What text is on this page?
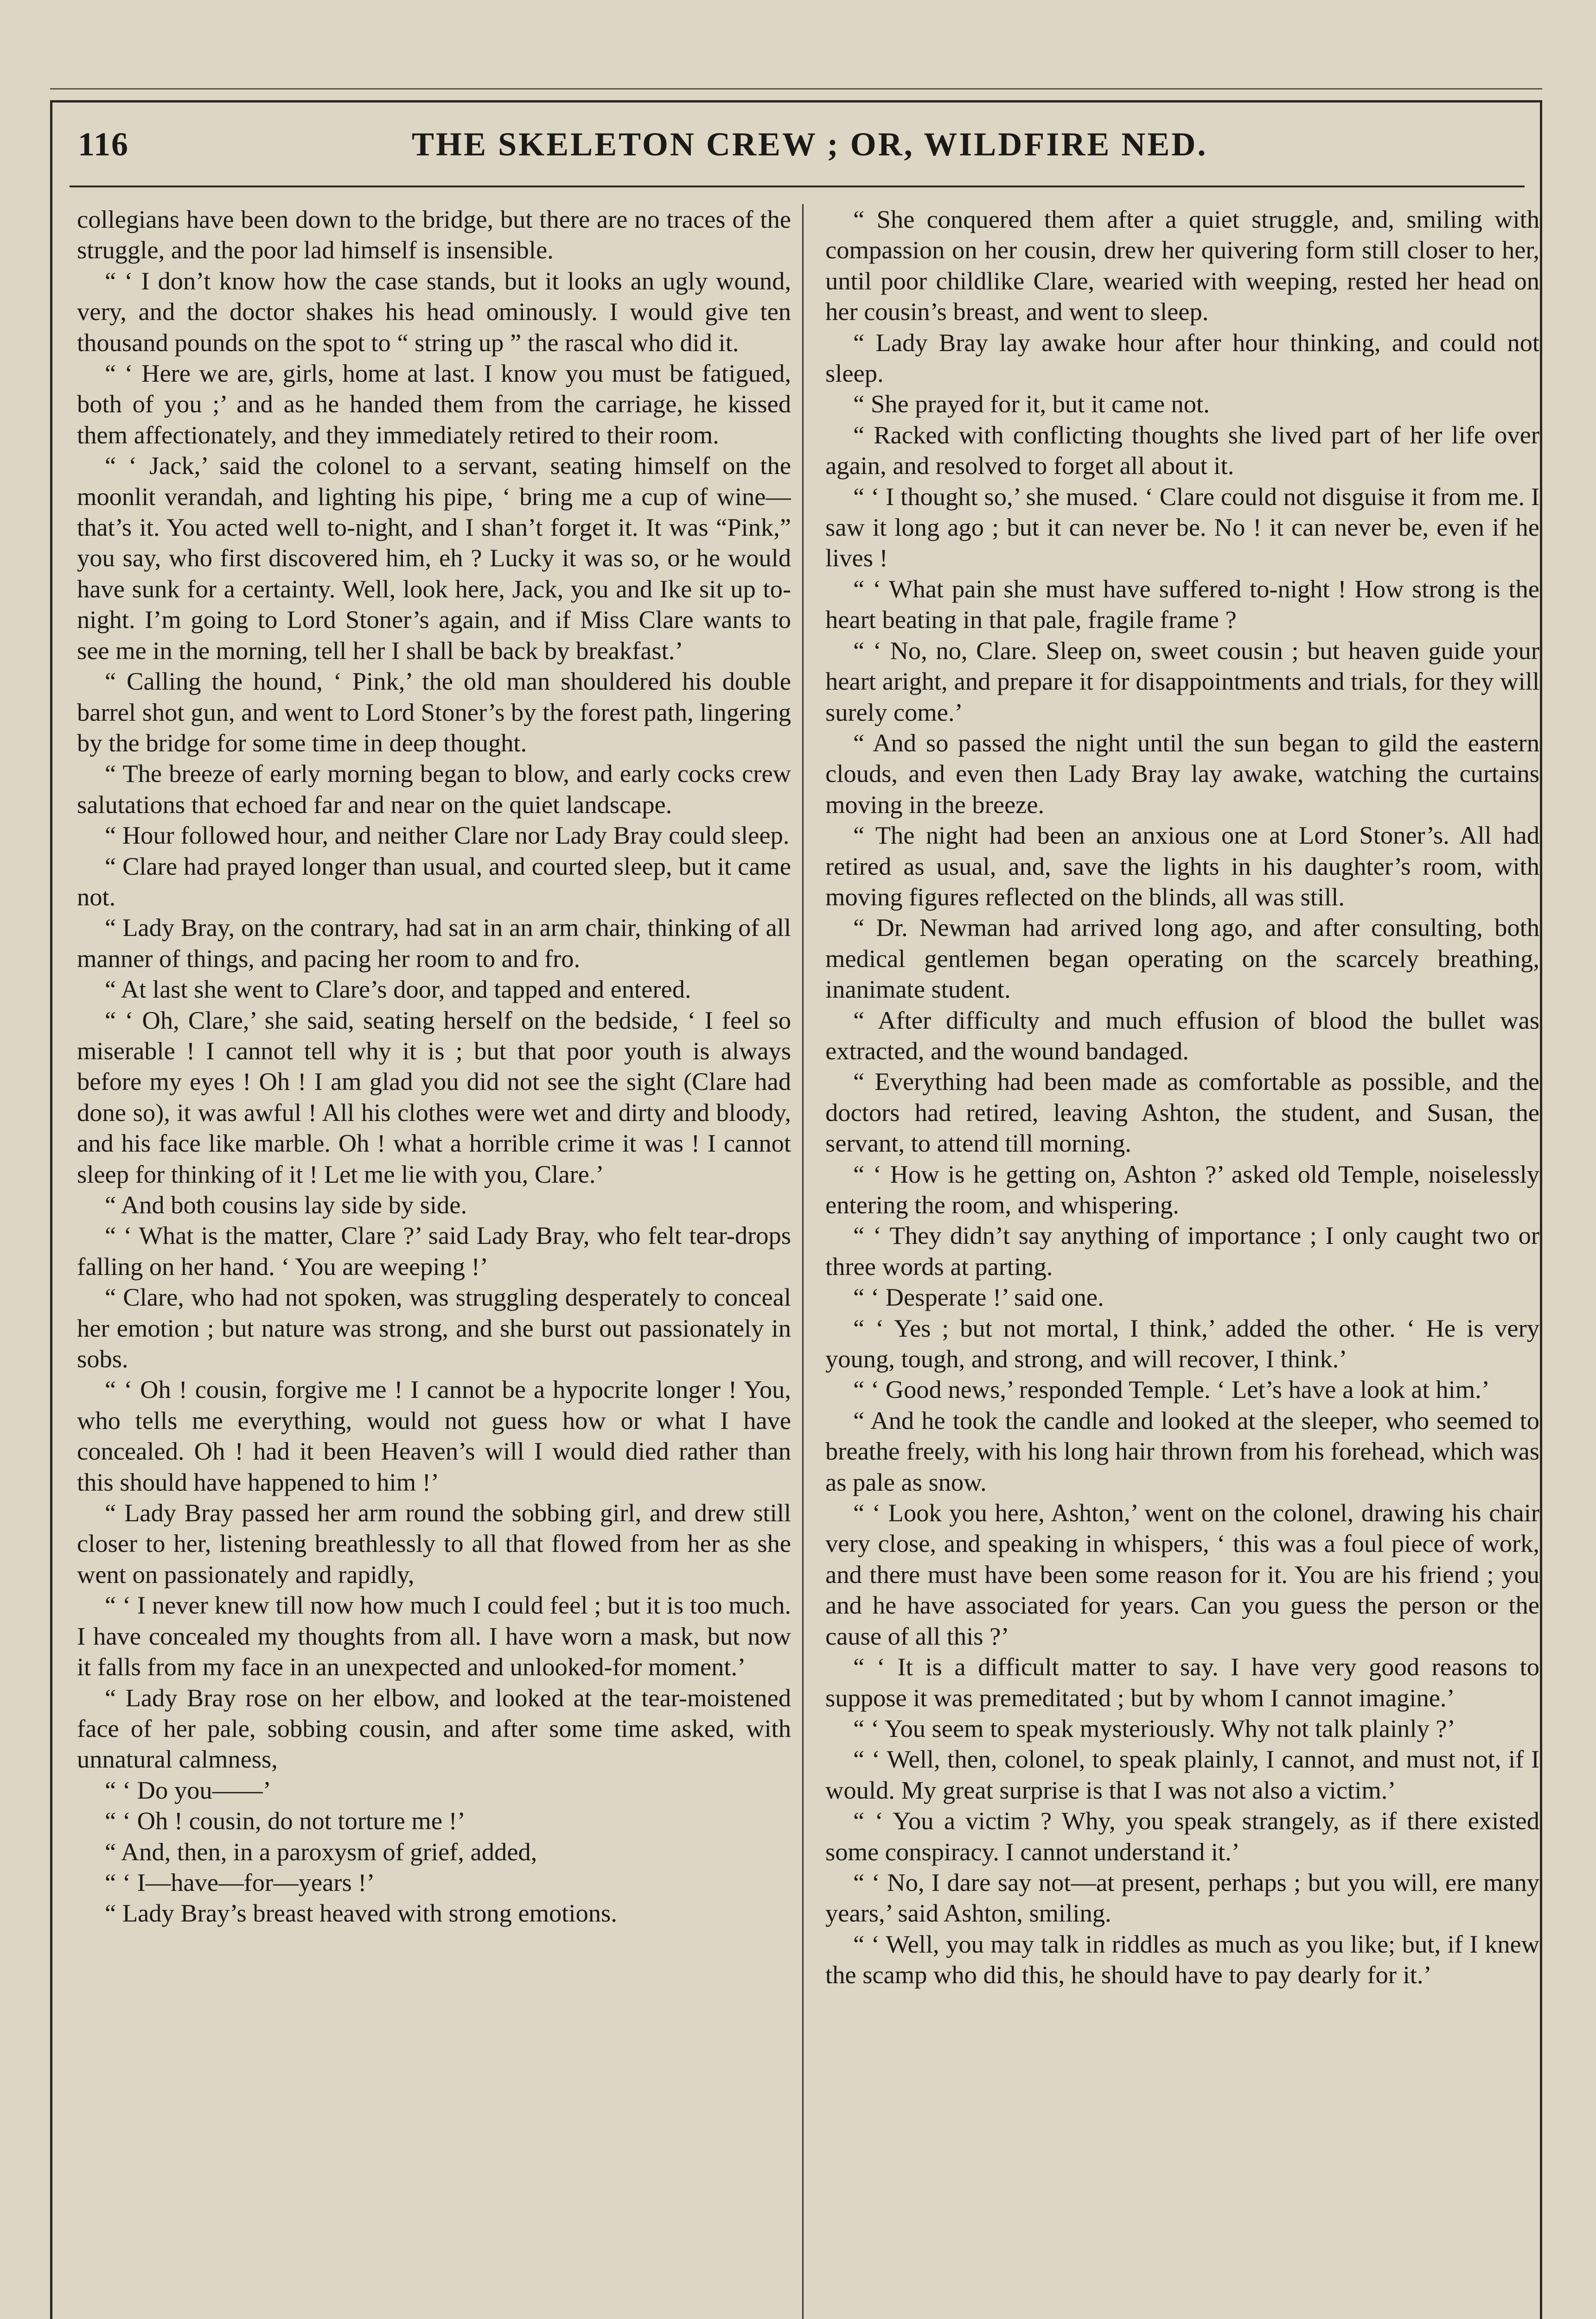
116	THE SKELETON CREW ; OR, WILDFIRE NED.

collegians have been down to the bridge, but there are no traces of the struggle, and the poor lad himself is insensible.

“ ‘ I don’t know how the case stands, but it looks an ugly wound, very, and the doctor shakes his head ominously. I would give ten thousand pounds on the spot to “ string up ” the rascal who did it.

“ ‘ Here we are, girls, home at last. I know you must be fatigued, both of you ;’ and as he handed them from the carriage, he kissed them affectionately, and they immediately retired to their room.

“ ‘ Jack,’ said the colonel to a servant, seating himself on the moonlit verandah, and lighting his pipe, ‘ bring me a cup of wine—that’s it. You acted well to-night, and I shan’t forget it. It was “Pink,” you say, who first discovered him, eh ? Lucky it was so, or he would have sunk for a certainty. Well, look here, Jack, you and Ike sit up to-night. I’m going to Lord Stoner’s again, and if Miss Clare wants to see me in the morning, tell her I shall be back by breakfast.’

“ Calling the hound, ‘ Pink,’ the old man shouldered his double barrel shot gun, and went to Lord Stoner’s by the forest path, lingering by the bridge for some time in deep thought.

“ The breeze of early morning began to blow, and early cocks crew salutations that echoed far and near on the quiet landscape.

“ Hour followed hour, and neither Clare nor Lady Bray could sleep.

“ Clare had prayed longer than usual, and courted sleep, but it came not.

“ Lady Bray, on the contrary, had sat in an arm chair, thinking of all manner of things, and pacing her room to and fro.

“ At last she went to Clare’s door, and tapped and entered.

“ ‘ Oh, Clare,’ she said, seating herself on the bedside, ‘ I feel so miserable ! I cannot tell why it is ; but that poor youth is always before my eyes ! Oh ! I am glad you did not see the sight (Clare had done so), it was awful ! All his clothes were wet and dirty and bloody, and his face like marble. Oh ! what a horrible crime it was ! I cannot sleep for thinking of it ! Let me lie with you, Clare.’

“ And both cousins lay side by side.

“ ‘ What is the matter, Clare ?’ said Lady Bray, who felt tear-drops falling on her hand. ‘ You are weeping !’

“ Clare, who had not spoken, was struggling desperately to conceal her emotion ; but nature was strong, and she burst out passionately in sobs.

“ ‘ Oh ! cousin, forgive me ! I cannot be a hypocrite longer ! You, who tells me everything, would not guess how or what I have concealed. Oh ! had it been Heaven’s will I would died rather than this should have happened to him !’

“ Lady Bray passed her arm round the sobbing girl, and drew still closer to her, listening breathlessly to all that flowed from her as she went on passionately and rapidly,

“ ‘ I never knew till now how much I could feel ; but it is too much. I have concealed my thoughts from all. I have worn a mask, but now it falls from my face in an unexpected and unlooked-for moment.’

“ Lady Bray rose on her elbow, and looked at the tear-moistened face of her pale, sobbing cousin, and after some time asked, with unnatural calmness,

“ ‘ Do you——’

“ ‘ Oh ! cousin, do not torture me !’

“ And, then, in a paroxysm of grief, added,

“ ‘ I—have—for—years !’

“ Lady Bray’s breast heaved with strong emotions.

“ She conquered them after a quiet struggle, and, smiling with compassion on her cousin, drew her quivering form still closer to her, until poor childlike Clare, wearied with weeping, rested her head on her cousin’s breast, and went to sleep.

“ Lady Bray lay awake hour after hour thinking, and could not sleep.

“ She prayed for it, but it came not.

“ Racked with conflicting thoughts she lived part of her life over again, and resolved to forget all about it.

“ ‘ I thought so,’ she mused. ‘ Clare could not disguise it from me. I saw it long ago ; but it can never be. No ! it can never be, even if he lives !

“ ‘ What pain she must have suffered to-night ! How strong is the heart beating in that pale, fragile frame ?

“ ‘ No, no, Clare. Sleep on, sweet cousin ; but heaven guide your heart aright, and prepare it for disappointments and trials, for they will surely come.’

“ And so passed the night until the sun began to gild the eastern clouds, and even then Lady Bray lay awake, watching the curtains moving in the breeze.

“ The night had been an anxious one at Lord Stoner’s. All had retired as usual, and, save the lights in his daughter’s room, with moving figures reflected on the blinds, all was still.

“ Dr. Newman had arrived long ago, and after consulting, both medical gentlemen began operating on the scarcely breathing, inanimate student.

“ After difficulty and much effusion of blood the bullet was extracted, and the wound bandaged.

“ Everything had been made as comfortable as possible, and the doctors had retired, leaving Ashton, the student, and Susan, the servant, to attend till morning.

“ ‘ How is he getting on, Ashton ?’ asked old Temple, noiselessly entering the room, and whispering.

“ ‘ They didn’t say anything of importance ; I only caught two or three words at parting.

“ ‘ Desperate !’ said one.

“ ‘ Yes ; but not mortal, I think,’ added the other. ‘ He is very young, tough, and strong, and will recover, I think.’

“ ‘ Good news,’ responded Temple. ‘ Let’s have a look at him.’

“ And he took the candle and looked at the sleeper, who seemed to breathe freely, with his long hair thrown from his forehead, which was as pale as snow.

“ ‘ Look you here, Ashton,’ went on the colonel, drawing his chair very close, and speaking in whispers, ‘ this was a foul piece of work, and there must have been some reason for it. You are his friend ; you and he have associated for years. Can you guess the person or the cause of all this ?’

“ ‘ It is a difficult matter to say. I have very good reasons to suppose it was premeditated ; but by whom I cannot imagine.’

“ ‘ You seem to speak mysteriously. Why not talk plainly ?’

“ ‘ Well, then, colonel, to speak plainly, I cannot, and must not, if I would. My great surprise is that I was not also a victim.’

“ ‘ You a victim ? Why, you speak strangely, as if there existed some conspiracy. I cannot understand it.’

“ ‘ No, I dare say not—at present, perhaps ; but you will, ere many years,’ said Ashton, smiling.

“ ‘ Well, you may talk in riddles as much as you like; but, if I knew the scamp who did this, he should have to pay dearly for it.’
